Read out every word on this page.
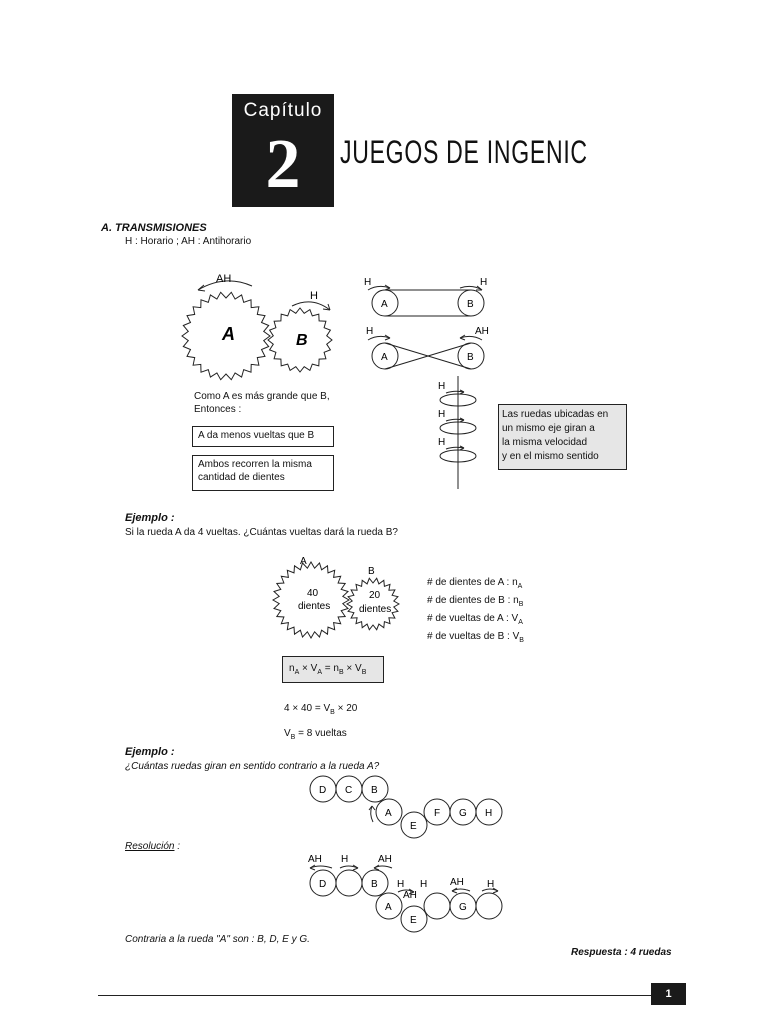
Capítulo
2	JUEGOS DE INGENIC
A. TRANSMISIONES
H : Horario ; AH : Antihorario
AH
H
A	B
H	H
A	B
H	AH
A	B
H
H
H
Las ruedas ubicadas en
un mismo eje giran a
la misma velocidad
y en el mismo sentido
Como A es más grande que B,
Entonces :
A da menos vueltas que B
Ambos recorren la misma
cantidad de dientes
Ejemplo :
Si la rueda A da 4 vueltas. ¿Cuántas vueltas dará la rueda B?
A
B
40
dientes
20
dientes
# de dientes de A : $n_A$
# de dientes de B : $n_B$
# de vueltas de A : $V_A$
# de vueltas de B : $V_B$
$n_A \times V_A = n_B \times V_B$
$4 \times 40 = V_B \times 20$
$V_B = 8$ vueltas
Ejemplo :
¿Cuántas ruedas giran en sentido contrario a la rueda A?
D C B
A	F G H
E
Resolución :
AH H	AH
H H
AH
AH H
D	B
A
E
G
Contraria a la rueda "A" son : B, D, E y G.
Respuesta : 4 ruedas
1
